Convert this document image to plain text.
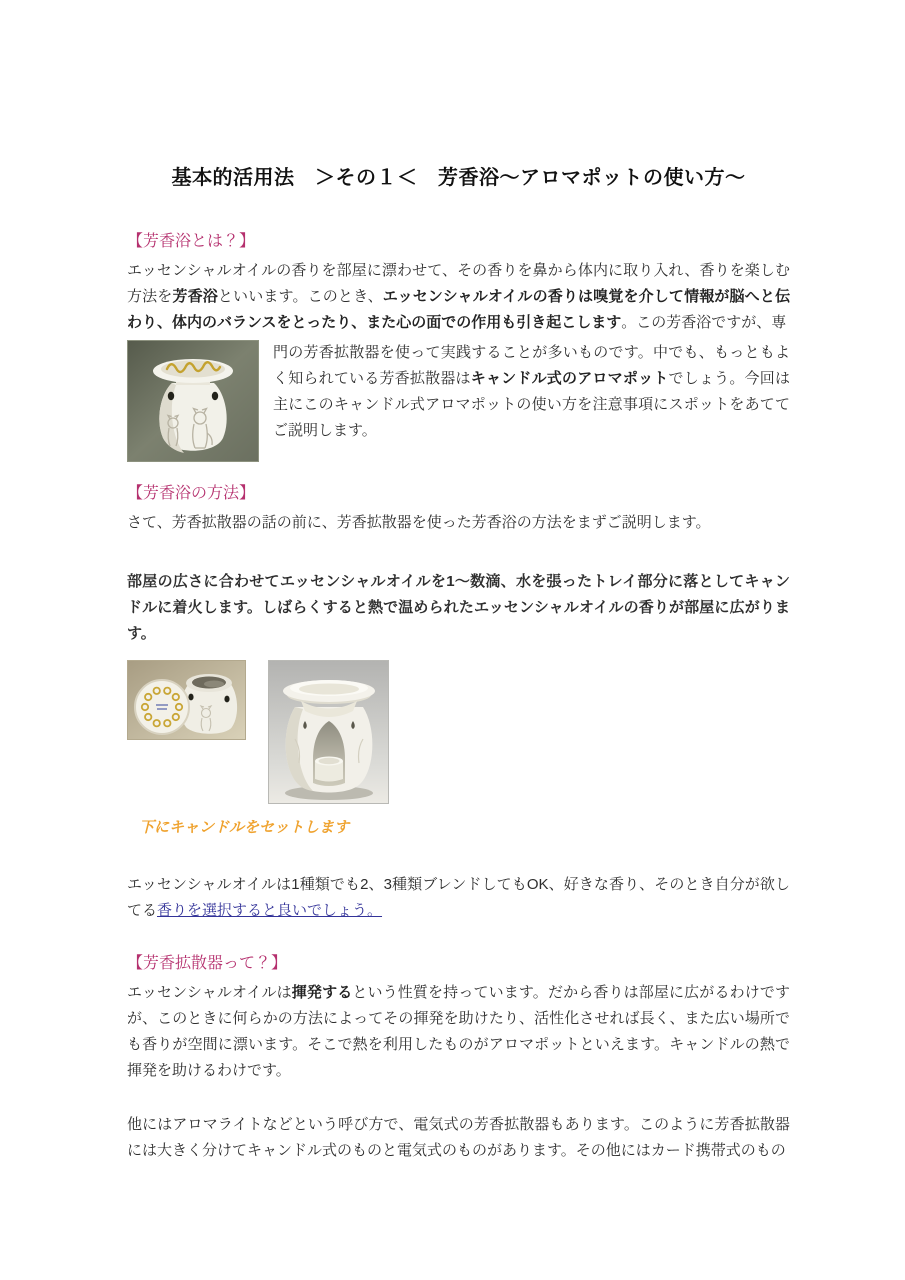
基本的活用法　＞その１＜　芳香浴～アロマポットの使い方～
【芳香浴とは？】

エッセンシャルオイルの香りを部屋に漂わせて、その香りを鼻から体内に取り入れ、香りを楽しむ方法を芳香浴といいます。このとき、エッセンシャルオイルの香りは嗅覚を介して情報が脳へと伝わり、体内のバランスをとったり、また心の面での作用も引き起こします。この芳香浴ですが、専

門の芳香拡散器を使って実践することが多いものです。中でも、もっともよく知られている芳香拡散器はキャンドル式のアロマポットでしょう。今回は主にこのキャンドル式アロマポットの使い方を注意事項にスポットをあててご説明します。

【芳香浴の方法】

さて、芳香拡散器の話の前に、芳香拡散器を使った芳香浴の方法をまずご説明します。

部屋の広さに合わせてエッセンシャルオイルを1～数滴、水を張ったトレイ部分に落としてキャンドルに着火します。しばらくすると熱で温められたエッセンシャルオイルの香りが部屋に広がります。

下にキャンドルをセットします

エッセンシャルオイルは1種類でも2、3種類ブレンドしてもOK、好きな香り、そのとき自分が欲してる香りを選択すると良いでしょう。

【芳香拡散器って？】

エッセンシャルオイルは揮発するという性質を持っています。だから香りは部屋に広がるわけですが、このときに何らかの方法によってその揮発を助けたり、活性化させれば長く、また広い場所でも香りが空間に漂います。そこで熱を利用したものがアロマポットといえます。キャンドルの熱で揮発を助けるわけです。

他にはアロマライトなどという呼び方で、電気式の芳香拡散器もあります。このように芳香拡散器には大きく分けてキャンドル式のものと電気式のものがあります。その他にはカード携帯式のもの
